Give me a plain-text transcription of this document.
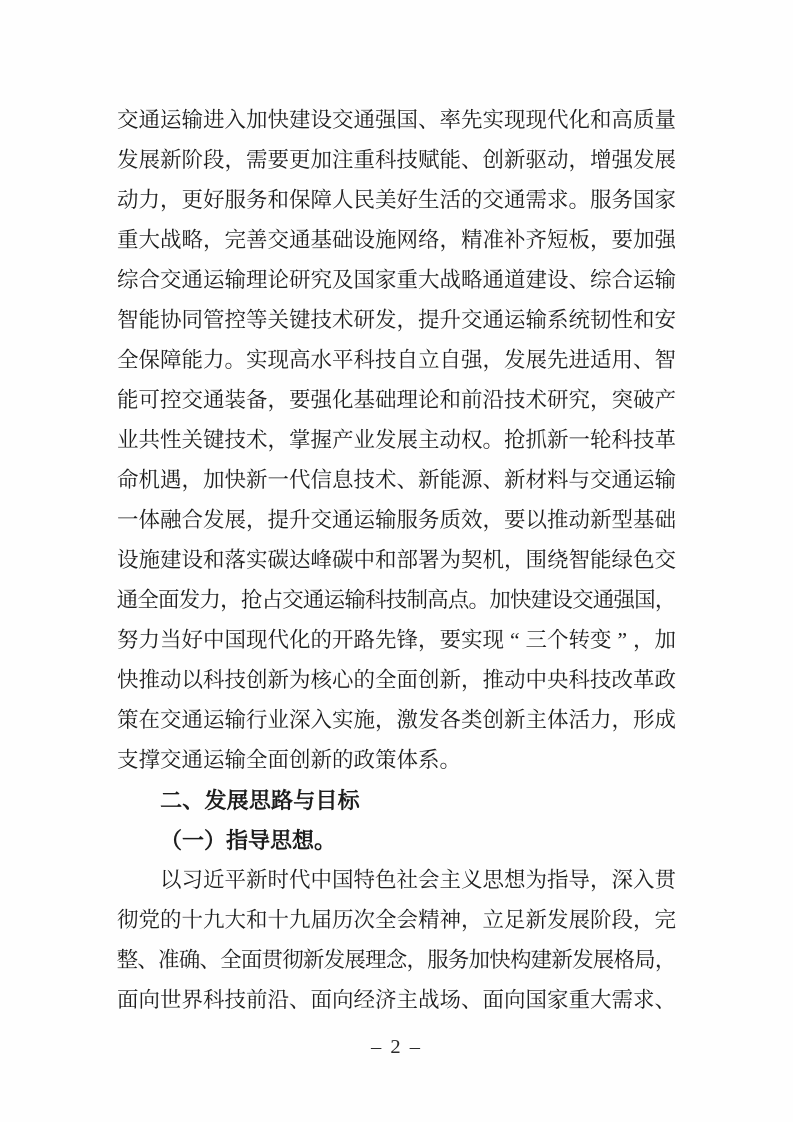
交 通 运 输 进 入 加 快 建 设 交 通 强 国 、 率 先 实 现 现 代 化 和 高 质 量
发 展 新 阶 段 ， 需 要 更 加 注 重 科 技 赋 能 、 创 新 驱 动 ， 增 强 发 展
动 力 ， 更 好 服 务 和 保 障 人 民 美 好 生 活 的 交 通 需 求 。 服 务 国 家
重 大 战 略 ， 完 善 交 通 基 础 设 施 网 络 ， 精 准 补 齐 短 板 ， 要 加 强
综 合 交 通 运 输 理 论 研 究 及 国 家 重 大 战 略 通 道 建 设 、 综 合 运 输
智 能 协 同 管 控 等 关 键 技 术 研 发 ， 提 升 交 通 运 输 系 统 韧 性 和 安
全 保 障 能 力 。 实 现 高 水 平 科 技 自 立 自 强 ， 发 展 先 进 适 用 、 智
能 可 控 交 通 装 备 ， 要 强 化 基 础 理 论 和 前 沿 技 术 研 究 ， 突 破 产
业 共 性 关 键 技 术 ， 掌 握 产 业 发 展 主 动 权 。 抢 抓 新 一 轮 科 技 革
命 机 遇 ， 加 快 新 一 代 信 息 技 术 、 新 能 源 、 新 材 料 与 交 通 运 输
一 体 融 合 发 展 ， 提 升 交 通 运 输 服 务 质 效 ， 要 以 推 动 新 型 基 础
设 施 建 设 和 落 实 碳 达 峰 碳 中 和 部 署 为 契 机 ， 围 绕 智 能 绿 色 交
通 全 面 发 力 ， 抢 占 交 通 运 输 科 技 制 高 点 。 加 快 建 设 交 通 强 国 ，
努 力 当 好 中 国 现 代 化 的 开 路 先 锋 ， 要 实 现 “ 三 个 转 变 ” ， 加
快 推 动 以 科 技 创 新 为 核 心 的 全 面 创 新 ， 推 动 中 央 科 技 改 革 政
策 在 交 通 运 输 行 业 深 入 实 施 ， 激 发 各 类 创 新 主 体 活 力 ， 形 成
支 撑 交 通 运 输 全 面 创 新 的 政 策 体 系 。
二 、 发 展 思 路 与 目 标
（ 一 ） 指 导 思 想 。
以 习 近 平 新 时 代 中 国 特 色 社 会 主 义 思 想 为 指 导 ， 深 入 贯
彻 党 的 十 九 大 和 十 九 届 历 次 全 会 精 神 ， 立 足 新 发 展 阶 段 ， 完
整 、 准 确 、 全 面 贯 彻 新 发 展 理 念 ， 服 务 加 快 构 建 新 发 展 格 局 ，
面 向 世 界 科 技 前 沿 、 面 向 经 济 主 战 场 、 面 向 国 家 重 大 需 求 、
– 2 –
